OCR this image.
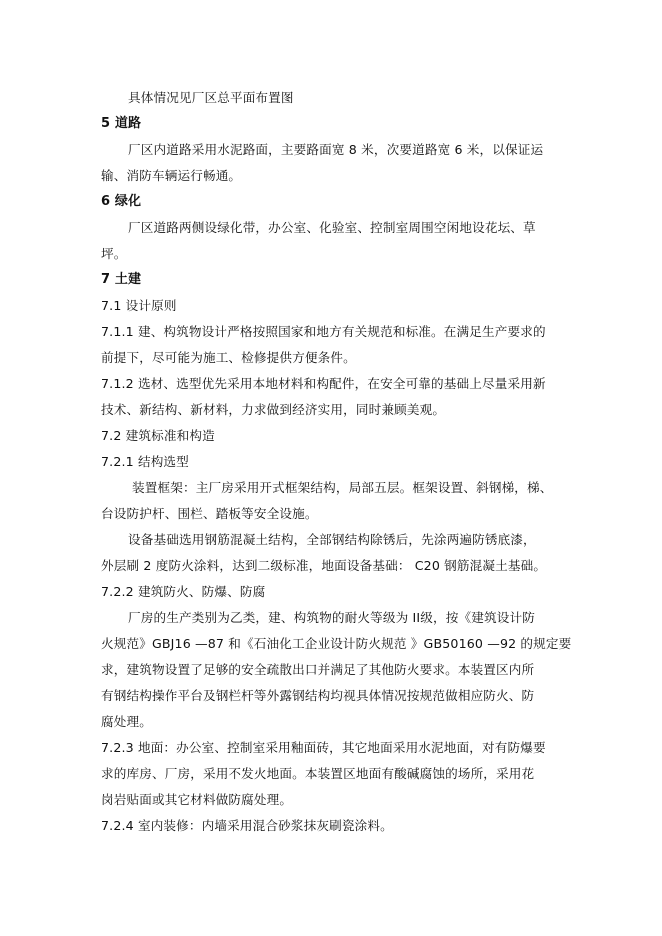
具体情况见厂区总平面布置图
5 道路
厂区内道路采用水泥路面，主要路面宽 8 米，次要道路宽 6 米，以保证运
输、消防车辆运行畅通。
6 绿化
厂区道路两侧设绿化带，办公室、化验室、控制室周围空闲地设花坛、草
坪。
7 土建
7.1 设计原则
7.1.1 建、构筑物设计严格按照国家和地方有关规范和标准。在满足生产要求的
前提下，尽可能为施工、检修提供方便条件。
7.1.2 选材、选型优先采用本地材料和构配件，在安全可靠的基础上尽量采用新
技术、新结构、新材料，力求做到经济实用，同时兼顾美观。
7.2 建筑标准和构造
7.2.1 结构选型
装置框架：主厂房采用开式框架结构，局部五层。框架设置、斜钢梯，梯、
台设防护杆、围栏、踏板等安全设施。
设备基础选用钢筋混凝土结构，全部钢结构除锈后，先涂两遍防锈底漆，
外层刷 2 度防火涂料，达到二级标准，地面设备基础： C20 钢筋混凝土基础。
7.2.2 建筑防火、防爆、防腐
厂房的生产类别为乙类，建、构筑物的耐火等级为 II级，按《建筑设计防
火规范》GBJ16 —87 和《石油化工企业设计防火规范 》GB50160 —92 的规定要
求，建筑物设置了足够的安全疏散出口并满足了其他防火要求。本装置区内所
有钢结构操作平台及钢栏杆等外露钢结构均视具体情况按规范做相应防火、防
腐处理。
7.2.3 地面：办公室、控制室采用釉面砖，其它地面采用水泥地面，对有防爆要
求的库房、厂房，采用不发火地面。本装置区地面有酸碱腐蚀的场所，采用花
岗岩贴面或其它材料做防腐处理。
7.2.4 室内装修：内墙采用混合砂浆抹灰刷瓷涂料。
